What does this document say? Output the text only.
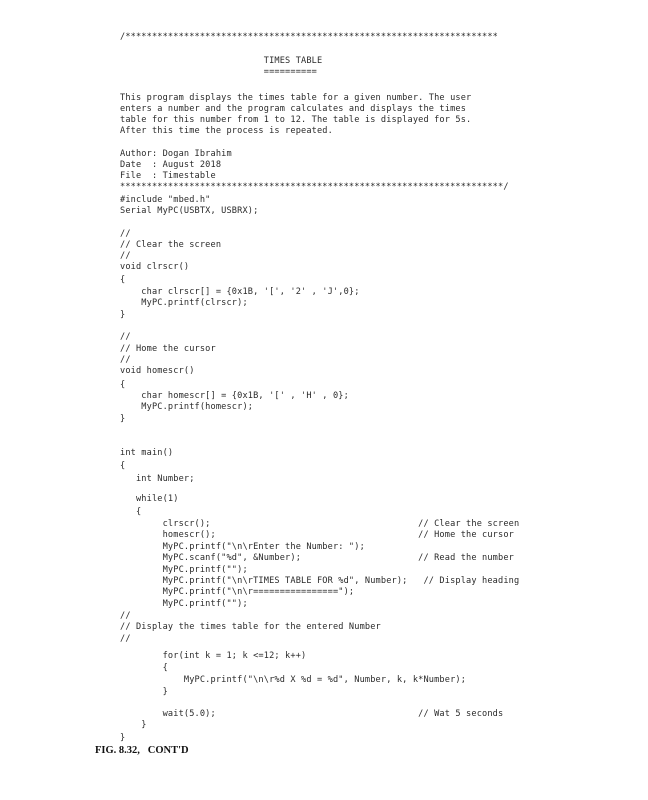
/**********************************************************************
TIMES TABLE
==========
This program displays the times table for a given number. The user
enters a number and the program calculates and displays the times
table for this number from 1 to 12. The table is displayed for 5s.
After this time the process is repeated.
Author: Dogan Ibrahim
Date  : August 2018
File  : Timestable
************************************************************************/
#include "mbed.h"
Serial MyPC(USBTX, USBRX);
//
// Clear the screen
//
void clrscr()
{
char clrscr[] = {0x1B, '[', '2' , 'J',0};
MyPC.printf(clrscr);
}
//
// Home the cursor
//
void homescr()
{
char homescr[] = {0x1B, '[' , 'H' , 0};
MyPC.printf(homescr);
}
int main()
{
int Number;
while(1)
{
clrscr();                                       // Clear the screen
homescr();                                      // Home the cursor
MyPC.printf("\n\rEnter the Number: ");
MyPC.scanf("%d", &Number);                      // Read the number
MyPC.printf("");
MyPC.printf("\n\rTIMES TABLE FOR %d", Number);   // Display heading
MyPC.printf("\n\r================");
MyPC.printf("");
//
// Display the times table for the entered Number
//
for(int k = 1; k <=12; k++)
{
MyPC.printf("\n\r%d X %d = %d", Number, k, k*Number);
}
wait(5.0);                                      // Wat 5 seconds
}
}
FIG. 8.32,   CONT'D
